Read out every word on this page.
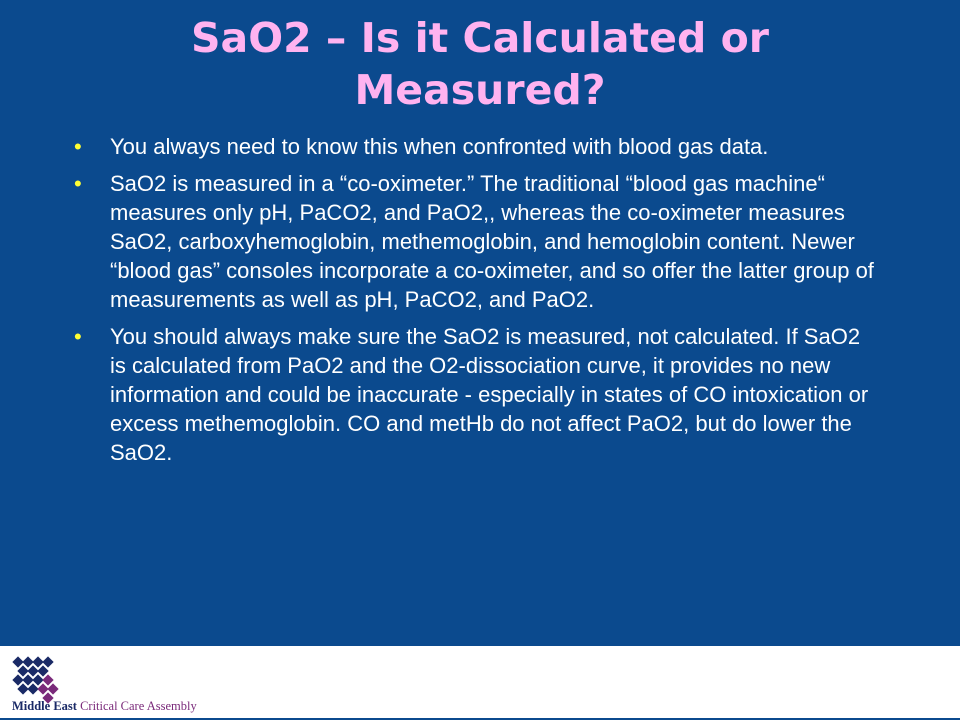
SaO2 – Is it Calculated or
Measured?
• You always need to know this when confronted with blood gas data.
• SaO2 is measured in a “co-oximeter.” The traditional “blood gas machine“ measures only pH, PaCO2, and PaO2,, whereas the co-oximeter measures SaO2, carboxyhemoglobin, methemoglobin, and hemoglobin content. Newer “blood gas” consoles incorporate a co-oximeter, and so offer the latter group of measurements as well as pH, PaCO2, and PaO2.
• You should always make sure the SaO2 is measured, not calculated. If SaO2 is calculated from PaO2 and the O2-dissociation curve, it provides no new information and could be inaccurate - especially in states of CO intoxication or excess methemoglobin. CO and metHb do not affect PaO2, but do lower the SaO2.
Middle East Critical Care Assembly
